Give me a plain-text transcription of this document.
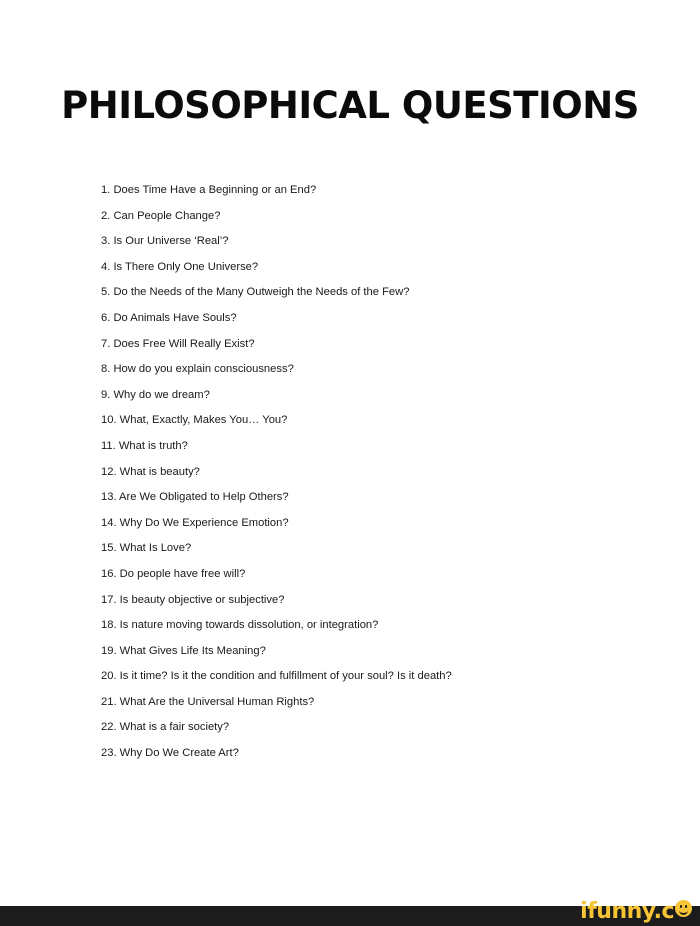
PHILOSOPHICAL QUESTIONS
1. Does Time Have a Beginning or an End?
2. Can People Change?
3. Is Our Universe ‘Real’?
4. Is There Only One Universe?
5. Do the Needs of the Many Outweigh the Needs of the Few?
6. Do Animals Have Souls?
7. Does Free Will Really Exist?
8. How do you explain consciousness?
9. Why do we dream?
10. What, Exactly, Makes You… You?
11. What is truth?
12. What is beauty?
13. Are We Obligated to Help Others?
14. Why Do We Experience Emotion?
15. What Is Love?
16. Do people have free will?
17. Is beauty objective or subjective?
18. Is nature moving towards dissolution, or integration?
19. What Gives Life Its Meaning?
20. Is it time? Is it the condition and fulfillment of your soul? Is it death?
21. What Are the Universal Human Rights?
22. What is a fair society?
23. Why Do We Create Art?
ifunny.c
